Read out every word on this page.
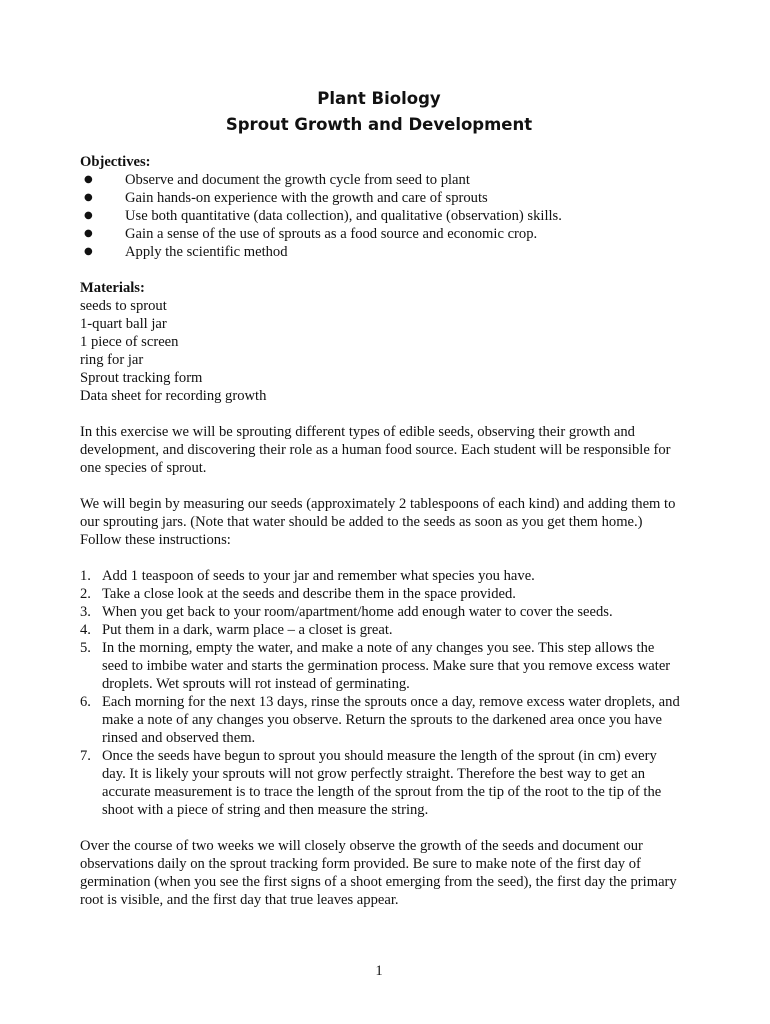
Plant Biology
Sprout Growth and Development
Objectives:
● Observe and document the growth cycle from seed to plant
● Gain hands-on experience with the growth and care of sprouts
● Use both quantitative (data collection), and qualitative (observation) skills.
● Gain a sense of the use of sprouts as a food source and economic crop.
● Apply the scientific method
Materials:
seeds to sprout
1-quart ball jar
1 piece of screen
ring for jar
Sprout tracking form
Data sheet for recording growth

In this exercise we will be sprouting different types of edible seeds, observing their growth and development, and discovering their role as a human food source. Each student will be responsible for one species of sprout.

We will begin by measuring our seeds (approximately 2 tablespoons of each kind) and adding them to our sprouting jars. (Note that water should be added to the seeds as soon as you get them home.) Follow these instructions:

1. Add 1 teaspoon of seeds to your jar and remember what species you have.
2. Take a close look at the seeds and describe them in the space provided.
3. When you get back to your room/apartment/home add enough water to cover the seeds.
4. Put them in a dark, warm place – a closet is great.
5. In the morning, empty the water, and make a note of any changes you see. This step allows the seed to imbibe water and starts the germination process. Make sure that you remove excess water droplets. Wet sprouts will rot instead of germinating.
6. Each morning for the next 13 days, rinse the sprouts once a day, remove excess water droplets, and make a note of any changes you observe. Return the sprouts to the darkened area once you have rinsed and observed them.
7. Once the seeds have begun to sprout you should measure the length of the sprout (in cm) every day. It is likely your sprouts will not grow perfectly straight. Therefore the best way to get an accurate measurement is to trace the length of the sprout from the tip of the root to the tip of the shoot with a piece of string and then measure the string.

Over the course of two weeks we will closely observe the growth of the seeds and document our observations daily on the sprout tracking form provided. Be sure to make note of the first day of germination (when you see the first signs of a shoot emerging from the seed), the first day the primary root is visible, and the first day that true leaves appear.

1
